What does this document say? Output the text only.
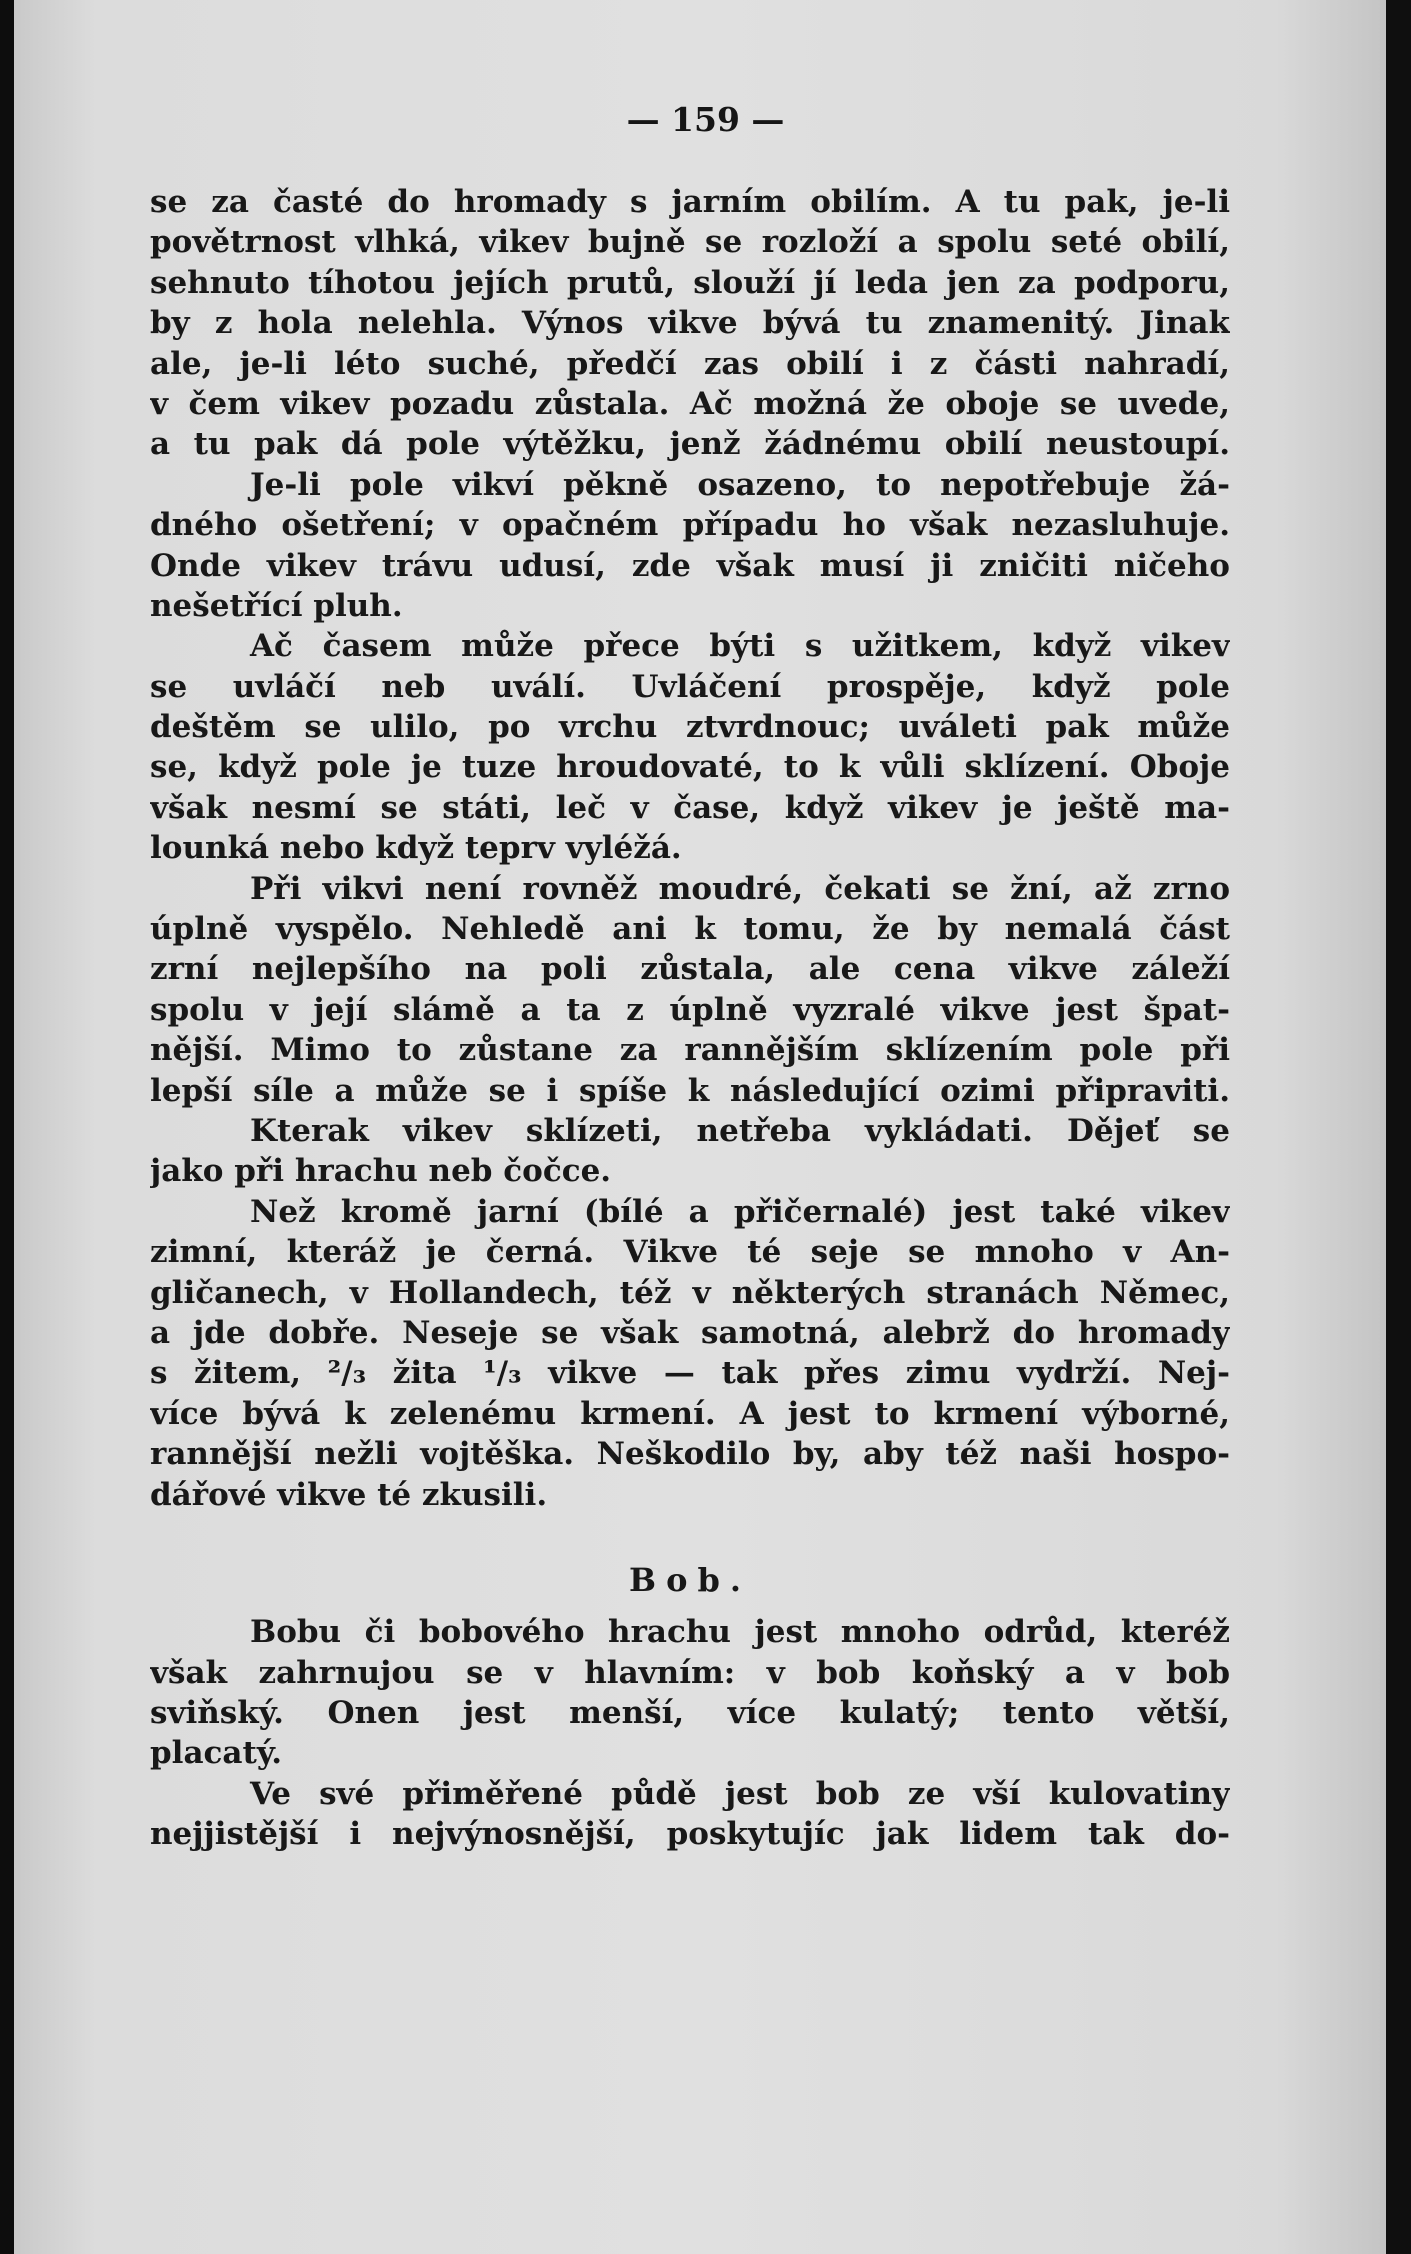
— 159 —
se za časté do hromady s jarním obilím. A tu pak, je-li
povětrnost vlhká, vikev bujně se rozloží a spolu seté obilí,
sehnuto tíhotou jejích prutů, slouží jí leda jen za podporu,
by z hola nelehla. Výnos vikve bývá tu znamenitý. Jinak
ale, je-li léto suché, předčí zas obilí i z části nahradí,
v čem vikev pozadu zůstala. Ač možná že oboje se uvede,
a tu pak dá pole výtěžku, jenž žádnému obilí neustoupí.
Je-li pole vikví pěkně osazeno, to nepotřebuje žá-
dného ošetření; v opačném případu ho však nezasluhuje.
Onde vikev trávu udusí, zde však musí ji zničiti ničeho
nešetřící pluh.
Ač časem může přece býti s užitkem, když vikev
se uvláčí neb uválí. Uvláčení prospěje, když pole
deštěm se ulilo, po vrchu ztvrdnouc; uváleti pak může
se, když pole je tuze hroudovaté, to k vůli sklízení. Oboje
však nesmí se státi, leč v čase, když vikev je ještě ma-
lounká nebo když teprv vyléžá.
Při vikvi není rovněž moudré, čekati se žní, až zrno
úplně vyspělo. Nehledě ani k tomu, že by nemalá část
zrní nejlepšího na poli zůstala, ale cena vikve záleží
spolu v její slámě a ta z úplně vyzralé vikve jest špat-
nější. Mimo to zůstane za rannějším sklízením pole při
lepší síle a může se i spíše k následující ozimi připraviti.
Kterak vikev sklízeti, netřeba vykládati. Dějeť se
jako při hrachu neb čočce.
Než kromě jarní (bílé a přičernalé) jest také vikev
zimní, kteráž je černá. Vikve té seje se mnoho v An-
gličanech, v Hollandech, též v některých stranách Němec,
a jde dobře. Neseje se však samotná, alebrž do hromady
s žitem, ²/₃ žita ¹/₃ vikve — tak přes zimu vydrží. Nej-
více bývá k zelenému krmení. A jest to krmení výborné,
rannější nežli vojtěška. Neškodilo by, aby též naši hospo-
dářové vikve té zkusili.
Bob.
Bobu či bobového hrachu jest mnoho odrůd, kteréž
však zahrnujou se v hlavním: v bob koňský a v bob
sviňský. Onen jest menší, více kulatý; tento větší,
placatý.
Ve své přiměřené půdě jest bob ze vší kulovatiny
nejjistější i nejvýnosnější, poskytujíc jak lidem tak do-
